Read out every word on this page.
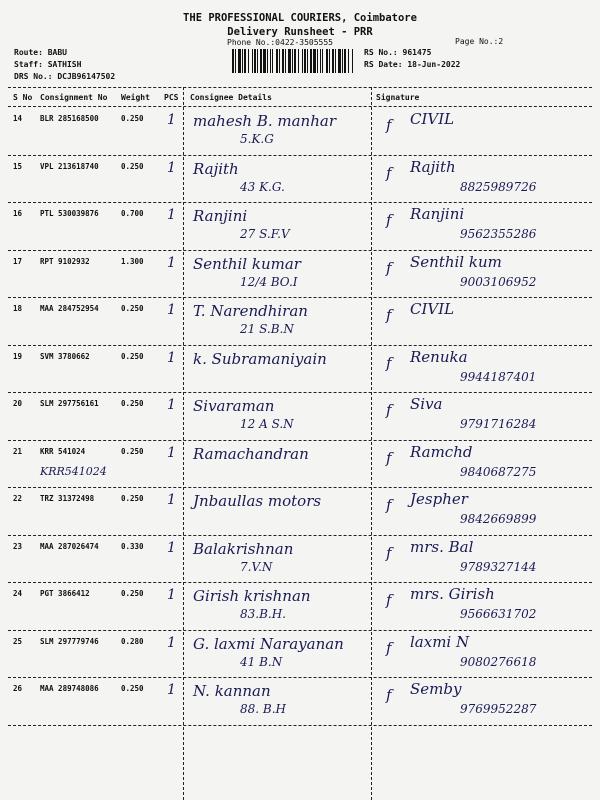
THE PROFESSIONAL COURIERS, Coimbatore
Delivery Runsheet - PRR
Phone No.:0422-3505555	Page No.:2
Route: BABU
Staff: SATHISH
DRS No.: DCJB96147502
RS No.: 961475
RS Date: 18-Jun-2022
S No Consignment No Weight PCS Consignee Details	Signature
14 BLR 285168500	0.250 1 mahesh B. manhar
5.K.G
f CIVIL
15 VPL 213618740	0.250 1 Rajith
43 K.G.
f Rajith
8825989726
16 PTL 530039876	0.700 1 Ranjini
27 S.F.V
f Ranjini
9562355286
17 RPT 9102932	1.300 1 Senthil kumar
12/4 BO.I
f Senthil kum
9003106952
18 MAA 284752954	0.250 1 T. Narendhiran
21 S.B.N
f CIVIL
19 SVM 3780662	0.250 1 k. Subramaniyain	f Renuka
9944187401
20 SLM 297756161	0.250 1 Sivaraman
12 A S.N
f Siva
9791716284
21 KRR 541024	0.250 1 Ramachandran
KRR541024
f Ramchd
9840687275
22 TRZ 31372498	0.250 1 Jnbaullas motors	f Jespher
9842669899
23 MAA 287026474	0.330 1 Balakrishnan
7.V.N
f mrs. Bal
9789327144
24 PGT 3866412	0.250 1 Girish krishnan
83.B.H.
f mrs. Girish
9566631702
25 SLM 297779746	0.280 1 G. laxmi Narayanan
41 B.N
f laxmi N
9080276618
26 MAA 289748086	0.250 1 N. kannan
88. B.H
f Semby
9769952287
